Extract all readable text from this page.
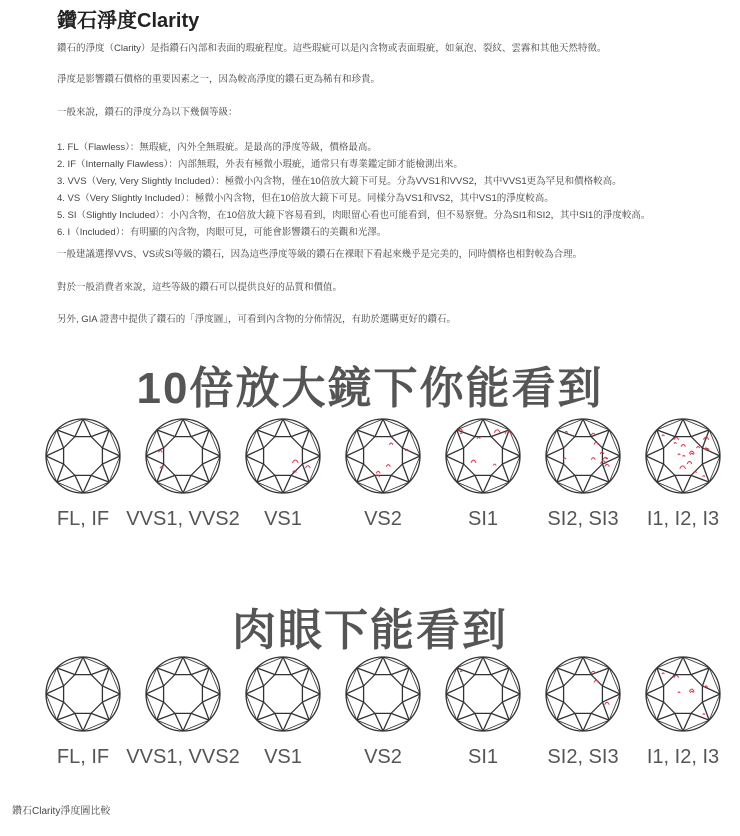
鑽石淨度Clarity
鑽石的淨度（Clarity）是指鑽石內部和表面的瑕疵程度。這些瑕疵可以是內含物或表面瑕疵，如氣泡、裂紋、雲霧和其他天然特徵。
淨度是影響鑽石價格的重要因素之一，因為較高淨度的鑽石更為稀有和珍貴。
一般來說，鑽石的淨度分為以下幾個等級：
1. FL（Flawless）：無瑕疵，內外全無瑕疵。是最高的淨度等級，價格最高。
2. IF（Internally Flawless）：內部無瑕，外表有極微小瑕疵，通常只有專業鑑定師才能檢測出來。
3. VVS（Very, Very Slightly Included）：極微小內含物，僅在10倍放大鏡下可見。分為VVS1和VVS2，其中VVS1更為罕見和價格較高。
4. VS（Very Slightly Included）：極微小內含物，但在10倍放大鏡下可見。同樣分為VS1和VS2，其中VS1的淨度較高。
5. SI（Slightly Included）：小內含物，在10倍放大鏡下容易看到，肉眼留心看也可能看到，但不易察覺。分為SI1和SI2，其中SI1的淨度較高。
6. I（Included）：有明顯的內含物，肉眼可見，可能會影響鑽石的美觀和光澤。
一般建議選擇VVS、VS或SI等級的鑽石，因為這些淨度等級的鑽石在裸眼下看起來幾乎是完美的，同時價格也相對較為合理。
對於一般消費者來說，這些等級的鑽石可以提供良好的品質和價值。
另外, GIA 證書中提供了鑽石的「淨度圖」，可看到內含物的分佈情況，有助於選購更好的鑽石。
10倍放大鏡下你能看到
FL, IF VVS1, VVS2	VS1	VS2	SI1	SI2, SI3	I1, I2, I3
肉眼下能看到
FL, IF VVS1, VVS2	VS1	VS2	SI1	SI2, SI3	I1, I2, I3
鑽石Clarity淨度圖比較
